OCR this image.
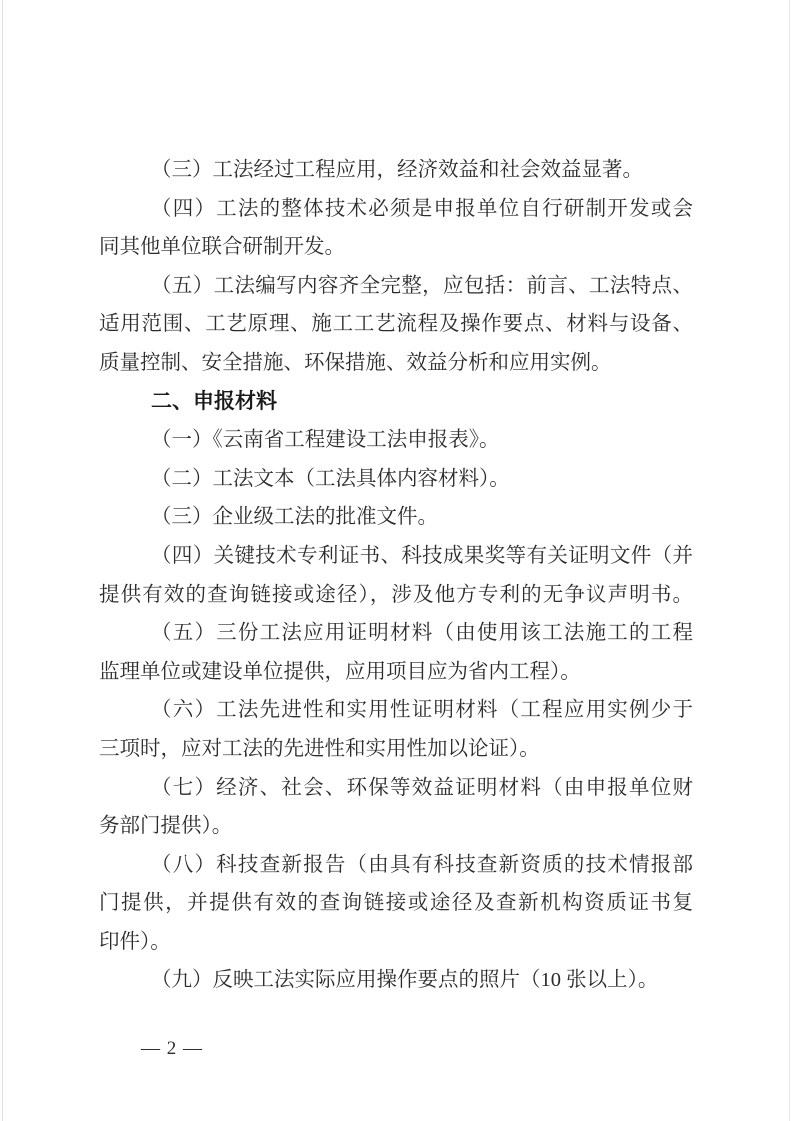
（三）工法经过工程应用，经济效益和社会效益显著。
（四）工法的整体技术必须是申报单位自行研制开发或会
同其他单位联合研制开发。
（五）工法编写内容齐全完整，应包括：前言、工法特点、
适用范围、工艺原理、施工工艺流程及操作要点、材料与设备、
质量控制、安全措施、环保措施、效益分析和应用实例。
二、申报材料
（一）《云南省工程建设工法申报表》。
（二）工法文本（工法具体内容材料）。
（三）企业级工法的批准文件。
（四）关键技术专利证书、科技成果奖等有关证明文件（并
提供有效的查询链接或途径），涉及他方专利的无争议声明书。
（五）三份工法应用证明材料（由使用该工法施工的工程
监理单位或建设单位提供，应用项目应为省内工程）。
（六）工法先进性和实用性证明材料（工程应用实例少于
三项时，应对工法的先进性和实用性加以论证）。
（七）经济、社会、环保等效益证明材料（由申报单位财
务部门提供）。
（八）科技查新报告（由具有科技查新资质的技术情报部
门提供，并提供有效的查询链接或途径及查新机构资质证书复
印件）。
（九）反映工法实际应用操作要点的照片（10 张以上）。
— 2 —
